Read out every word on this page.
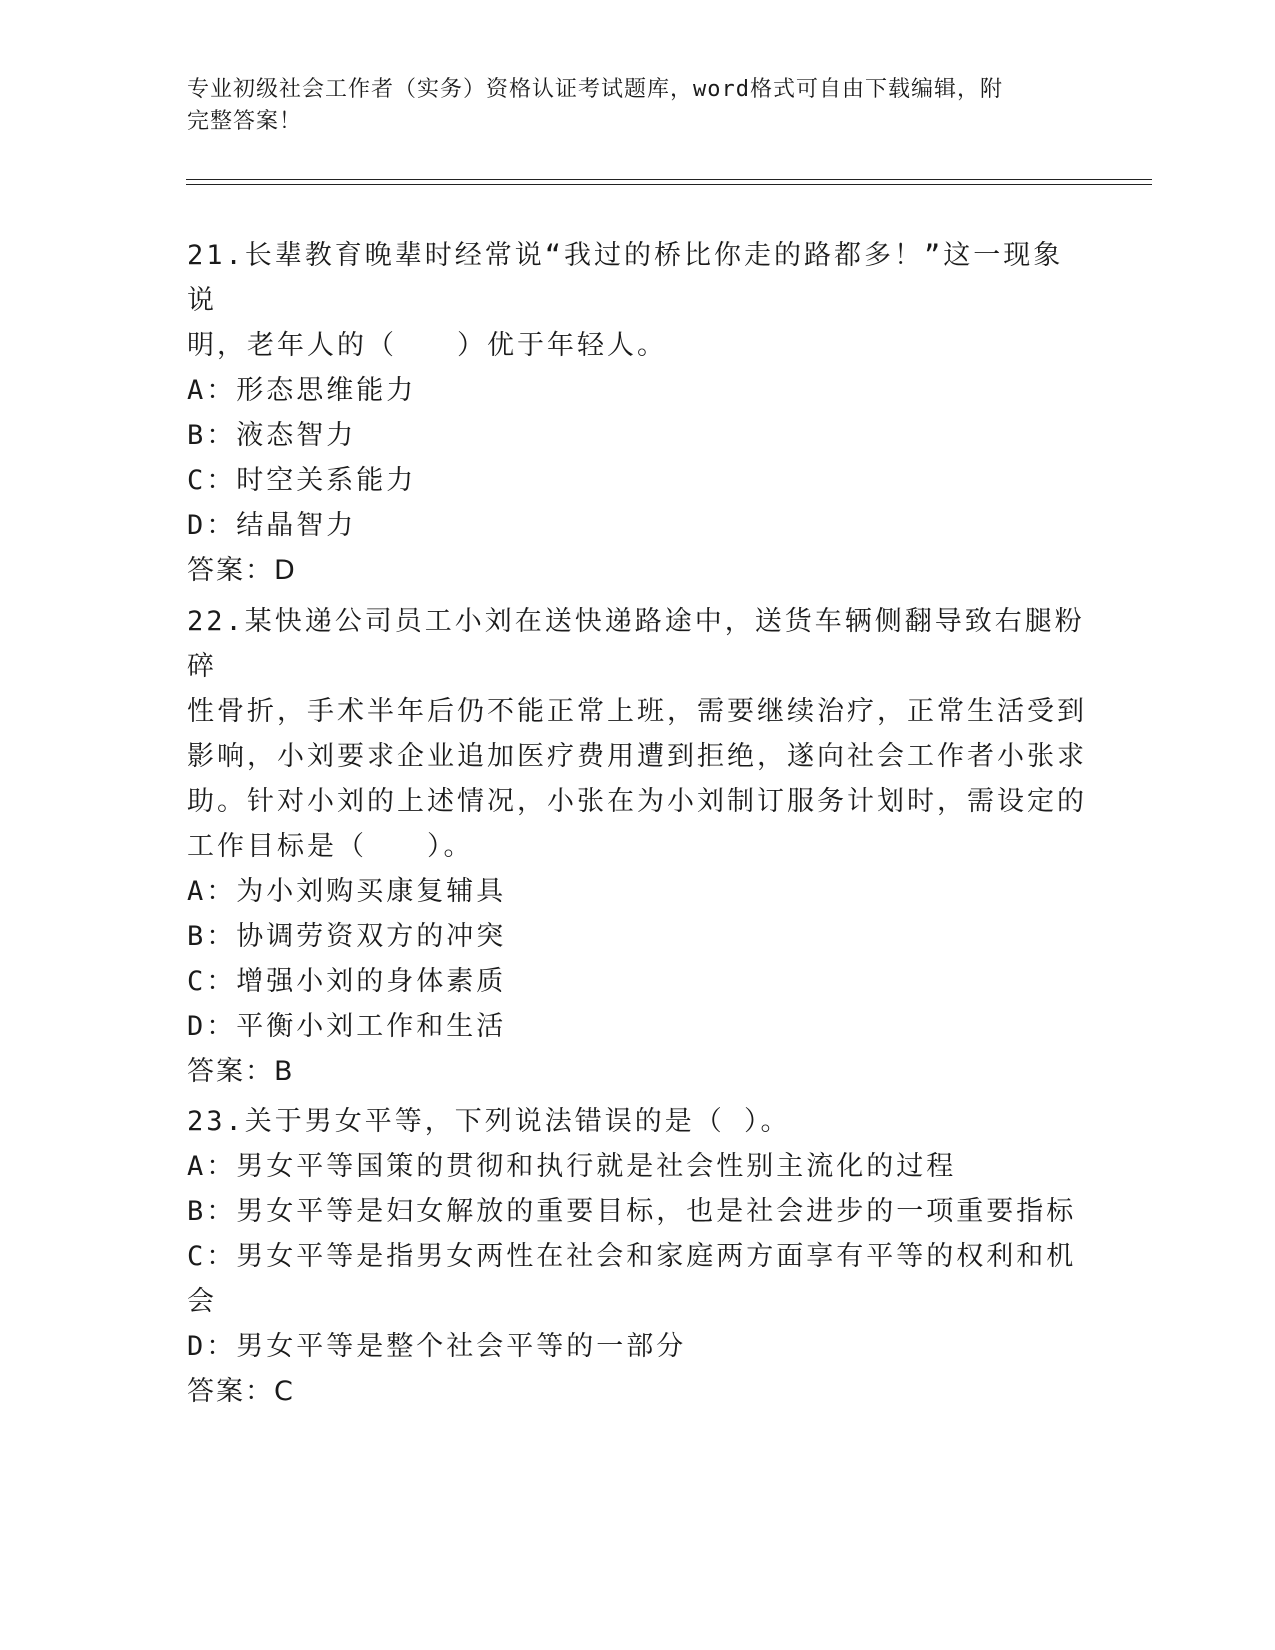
专业初级社会工作者（实务）资格认证考试题库，word格式可自由下载编辑，附
完整答案！
21.长辈教育晚辈时经常说“我过的桥比你走的路都多！”这一现象说
明，老年人的（　　）优于年轻人。
A：形态思维能力
B：液态智力
C：时空关系能力
D：结晶智力
答案：D
22.某快递公司员工小刘在送快递路途中，送货车辆侧翻导致右腿粉碎
性骨折，手术半年后仍不能正常上班，需要继续治疗，正常生活受到
影响，小刘要求企业追加医疗费用遭到拒绝，遂向社会工作者小张求
助。针对小刘的上述情况，小张在为小刘制订服务计划时，需设定的
工作目标是（　　）。
A：为小刘购买康复辅具
B：协调劳资双方的冲突
C：增强小刘的身体素质
D：平衡小刘工作和生活
答案：B
23.关于男女平等，下列说法错误的是（ ）。
A：男女平等国策的贯彻和执行就是社会性别主流化的过程
B：男女平等是妇女解放的重要目标，也是社会进步的一项重要指标
C：男女平等是指男女两性在社会和家庭两方面享有平等的权利和机会
D：男女平等是整个社会平等的一部分
答案：C
